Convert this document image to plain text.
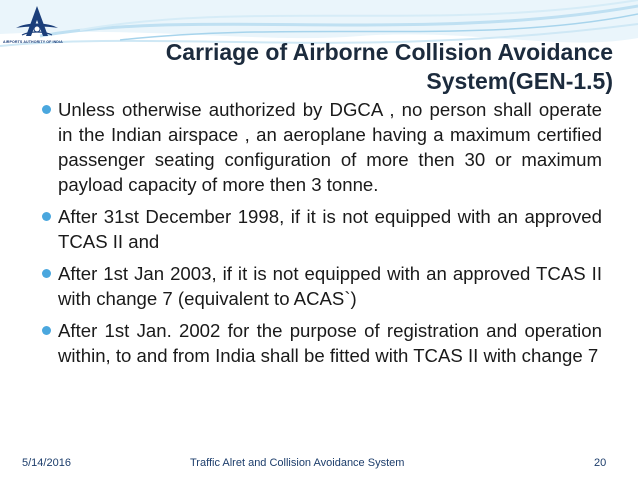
AIRPORTS AUTHORITY OF INDIA	Carriage of Airborne Collision Avoidance
System(GEN-1.5)
Unless otherwise authorized by DGCA , no person shall operate in the Indian airspace , an aeroplane having a maximum certified passenger seating configuration of more then 30 or maximum payload capacity of more then 3 tonne.
After 31st December 1998, if it is not equipped with an approved TCAS II and
After 1st Jan 2003, if it is not equipped with an approved TCAS II with change 7 (equivalent to ACAS`)
After 1st Jan. 2002 for the purpose of registration and operation within, to and from India shall be fitted with TCAS II with change 7
5/14/2016	Traffic Alret and Collision Avoidance System	20
